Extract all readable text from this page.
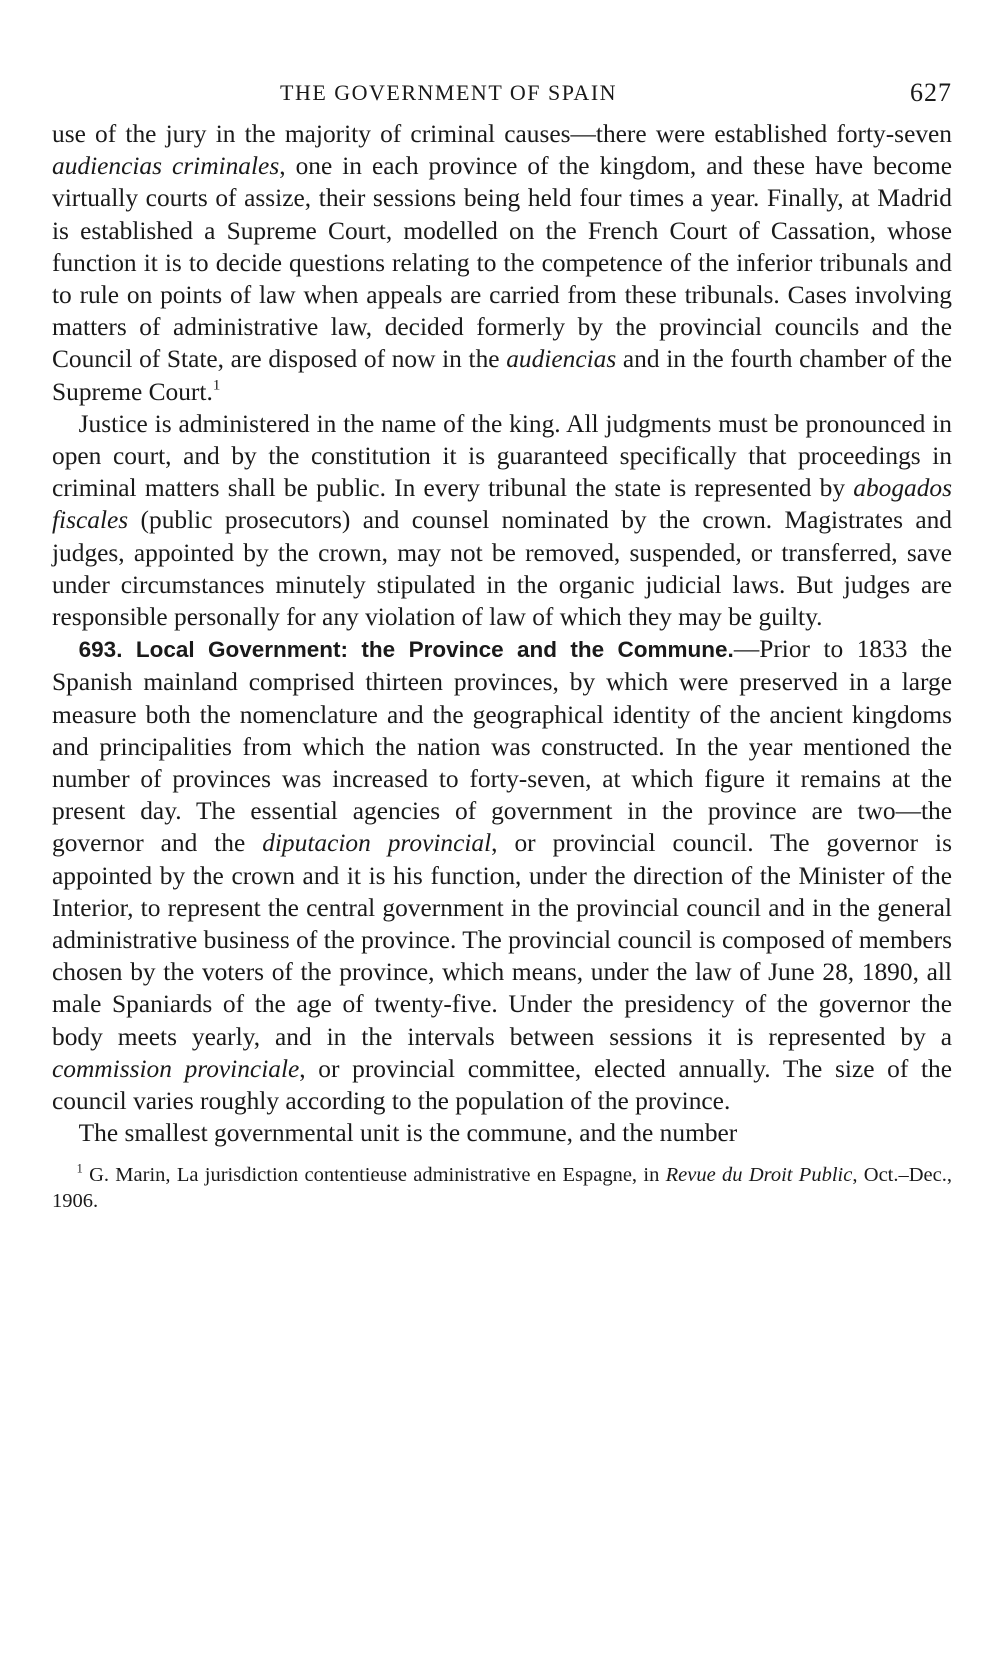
THE GOVERNMENT OF SPAIN	627

use of the jury in the majority of criminal causes—there were established forty-seven audiencias criminales, one in each province of the kingdom, and these have become virtually courts of assize, their sessions being held four times a year. Finally, at Madrid is established a Supreme Court, modelled on the French Court of Cassation, whose function it is to decide questions relating to the competence of the inferior tribunals and to rule on points of law when appeals are carried from these tribunals. Cases involving matters of administrative law, decided formerly by the provincial councils and the Council of State, are disposed of now in the audiencias and in the fourth chamber of the Supreme Court.$^1$

Justice is administered in the name of the king. All judgments must be pronounced in open court, and by the constitution it is guaranteed specifically that proceedings in criminal matters shall be public. In every tribunal the state is represented by abogados fiscales (public prosecutors) and counsel nominated by the crown. Magistrates and judges, appointed by the crown, may not be removed, suspended, or transferred, save under circumstances minutely stipulated in the organic judicial laws. But judges are responsible personally for any violation of law of which they may be guilty.

693. Local Government: the Province and the Commune.—Prior to 1833 the Spanish mainland comprised thirteen provinces, by which were preserved in a large measure both the nomenclature and the geographical identity of the ancient kingdoms and principalities from which the nation was constructed. In the year mentioned the number of provinces was increased to forty-seven, at which figure it remains at the present day. The essential agencies of government in the province are two—the governor and the diputacion provincial, or provincial council. The governor is appointed by the crown and it is his function, under the direction of the Minister of the Interior, to represent the central government in the provincial council and in the general administrative business of the province. The provincial council is composed of members chosen by the voters of the province, which means, under the law of June 28, 1890, all male Spaniards of the age of twenty-five. Under the presidency of the governor the body meets yearly, and in the intervals between sessions it is represented by a commission provinciale, or provincial committee, elected annually. The size of the council varies roughly according to the population of the province.

The smallest governmental unit is the commune, and the number

$^1$ G. Marin, La jurisdiction contentieuse administrative en Espagne, in Revue du Droit Public, Oct.–Dec., 1906.
